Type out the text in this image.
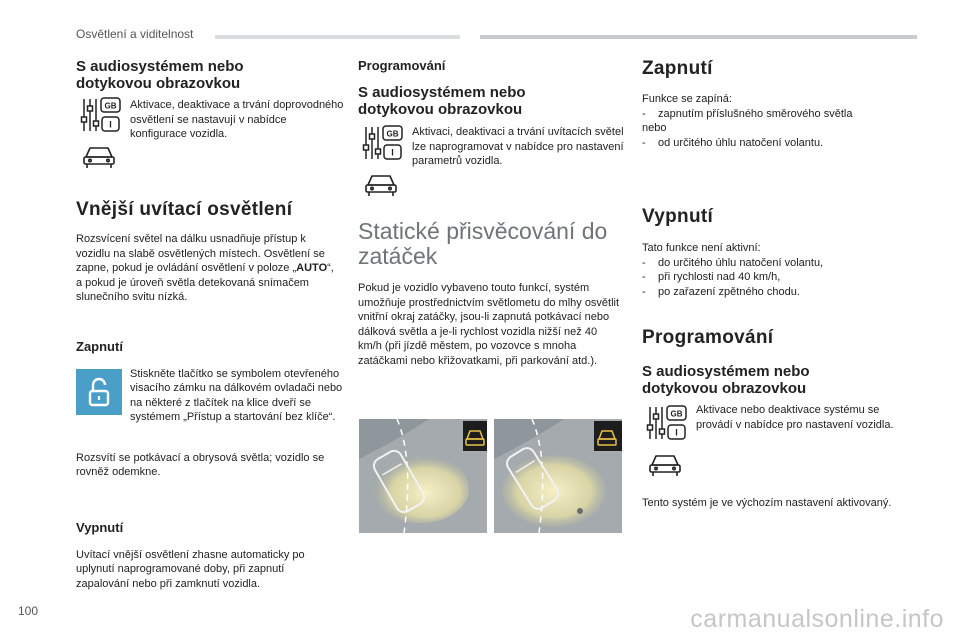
Osvětlení a viditelnost
S audiosystémem nebo dotykovou obrazovkou
GB
I
Aktivace, deaktivace a trvání doprovodného osvětlení se nastavují v nabídce konfigurace vozidla.
Vnější uvítací osvětlení

Rozsvícení světel na dálku usnadňuje přístup k vozidlu na slabě osvětlených místech. Osvětlení se zapne, pokud je ovládání osvětlení v poloze „AUTO“, a pokud je úroveň světla detekovaná snímačem slunečního svitu nízká.

Zapnutí
Stiskněte tlačítko se symbolem otevřeného visacího zámku na dálkovém ovladači nebo na některé z tlačítek na klice dveří se systémem „Přístup a startování bez klíče“.

Rozsvítí se potkávací a obrysová světla; vozidlo se rovněž odemkne.

Vypnutí

Uvítací vnější osvětlení zhasne automaticky po uplynutí naprogramované doby, při zapnutí zapalování nebo při zamknutí vozidla.

Programování
S audiosystémem nebo dotykovou obrazovkou
GB
I
Aktivaci, deaktivaci a trvání uvítacích světel lze naprogramovat v nabídce pro nastavení parametrů vozidla.
Statické přisvěcování do zatáček

Pokud je vozidlo vybaveno touto funkcí, systém umožňuje prostřednictvím světlometu do mlhy osvětlit vnitřní okraj zatáčky, jsou-li zapnutá potkávací nebo dálková světla a je-li rychlost vozidla nižší než 40 km/h (při jízdě městem, po vozovce s mnoha zatáčkami nebo křižovatkami, při parkování atd.).

Zapnutí

Funkce se zapíná:

- zapnutím příslušného směrového světla

nebo

- od určitého úhlu natočení volantu.
Vypnutí

Tato funkce není aktivní:

- do určitého úhlu natočení volantu,
- při rychlosti nad 40 km/h,
- po zařazení zpětného chodu.
Programování
S audiosystémem nebo dotykovou obrazovkou
GB
I
Aktivace nebo deaktivace systému se provádí v nabídce pro nastavení vozidla.

Tento systém je ve výchozím nastavení aktivovaný.

100	carmanualsonline.info
